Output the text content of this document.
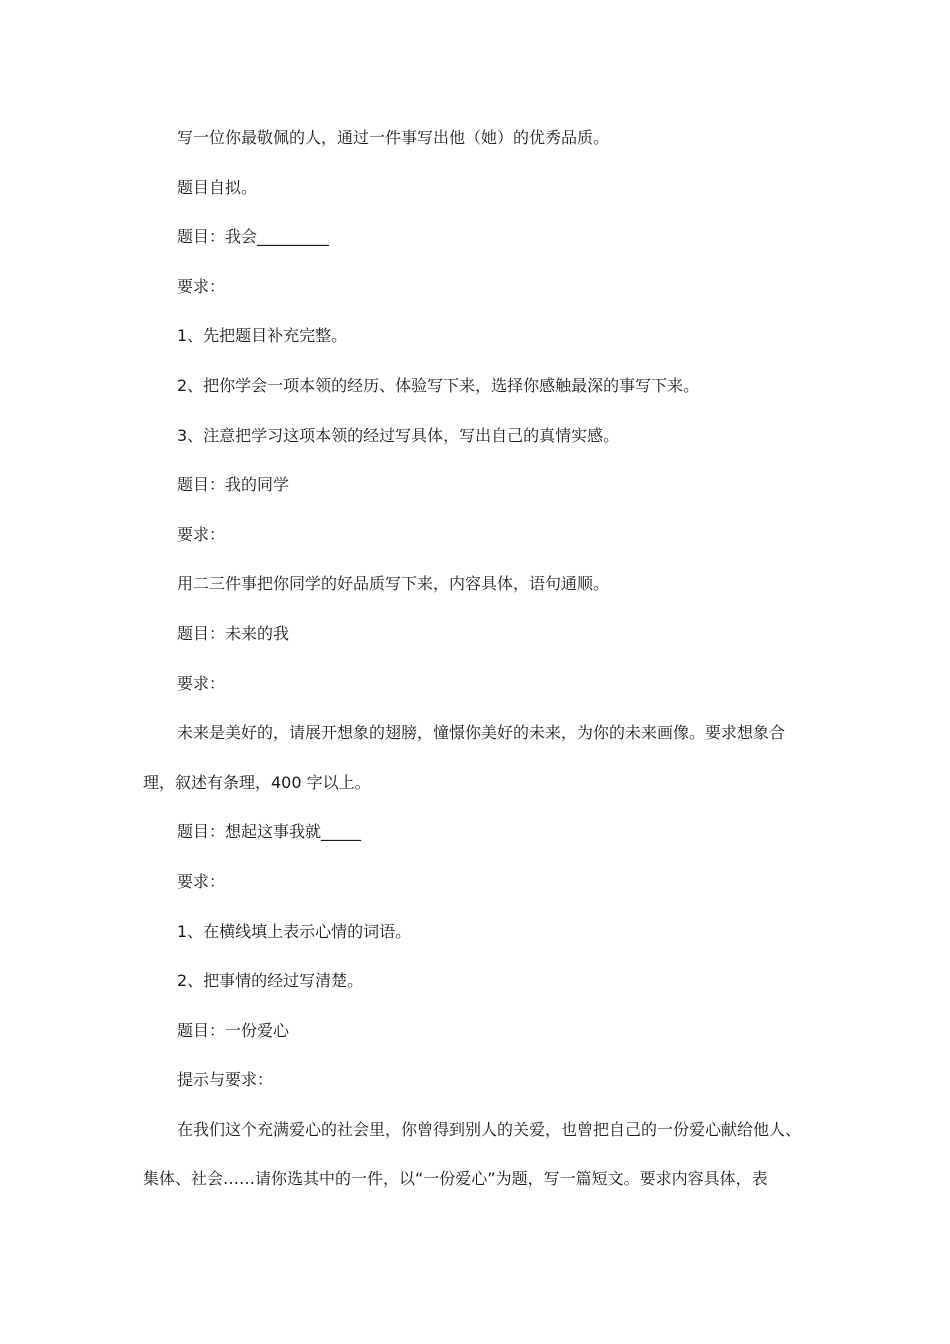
写一位你最敬佩的人，通过一件事写出他（她）的优秀品质。

题目自拟。

题目：我会_________

要求：

1、先把题目补充完整。

2、把你学会一项本领的经历、体验写下来，选择你感触最深的事写下来。

3、注意把学习这项本领的经过写具体，写出自己的真情实感。

题目：我的同学

要求：

用二三件事把你同学的好品质写下来，内容具体，语句通顺。

题目：未来的我

要求：

未来是美好的，请展开想象的翅膀，憧憬你美好的未来，为你的未来画像。要求想象合理，叙述有条理，400 字以上。

题目：想起这事我就_____

要求：

1、在横线填上表示心情的词语。

2、把事情的经过写清楚。

题目：一份爱心

提示与要求：

在我们这个充满爱心的社会里，你曾得到别人的关爱，也曾把自己的一份爱心献给他人、集体、社会……请你选其中的一件，以“一份爱心”为题，写一篇短文。要求内容具体，表
